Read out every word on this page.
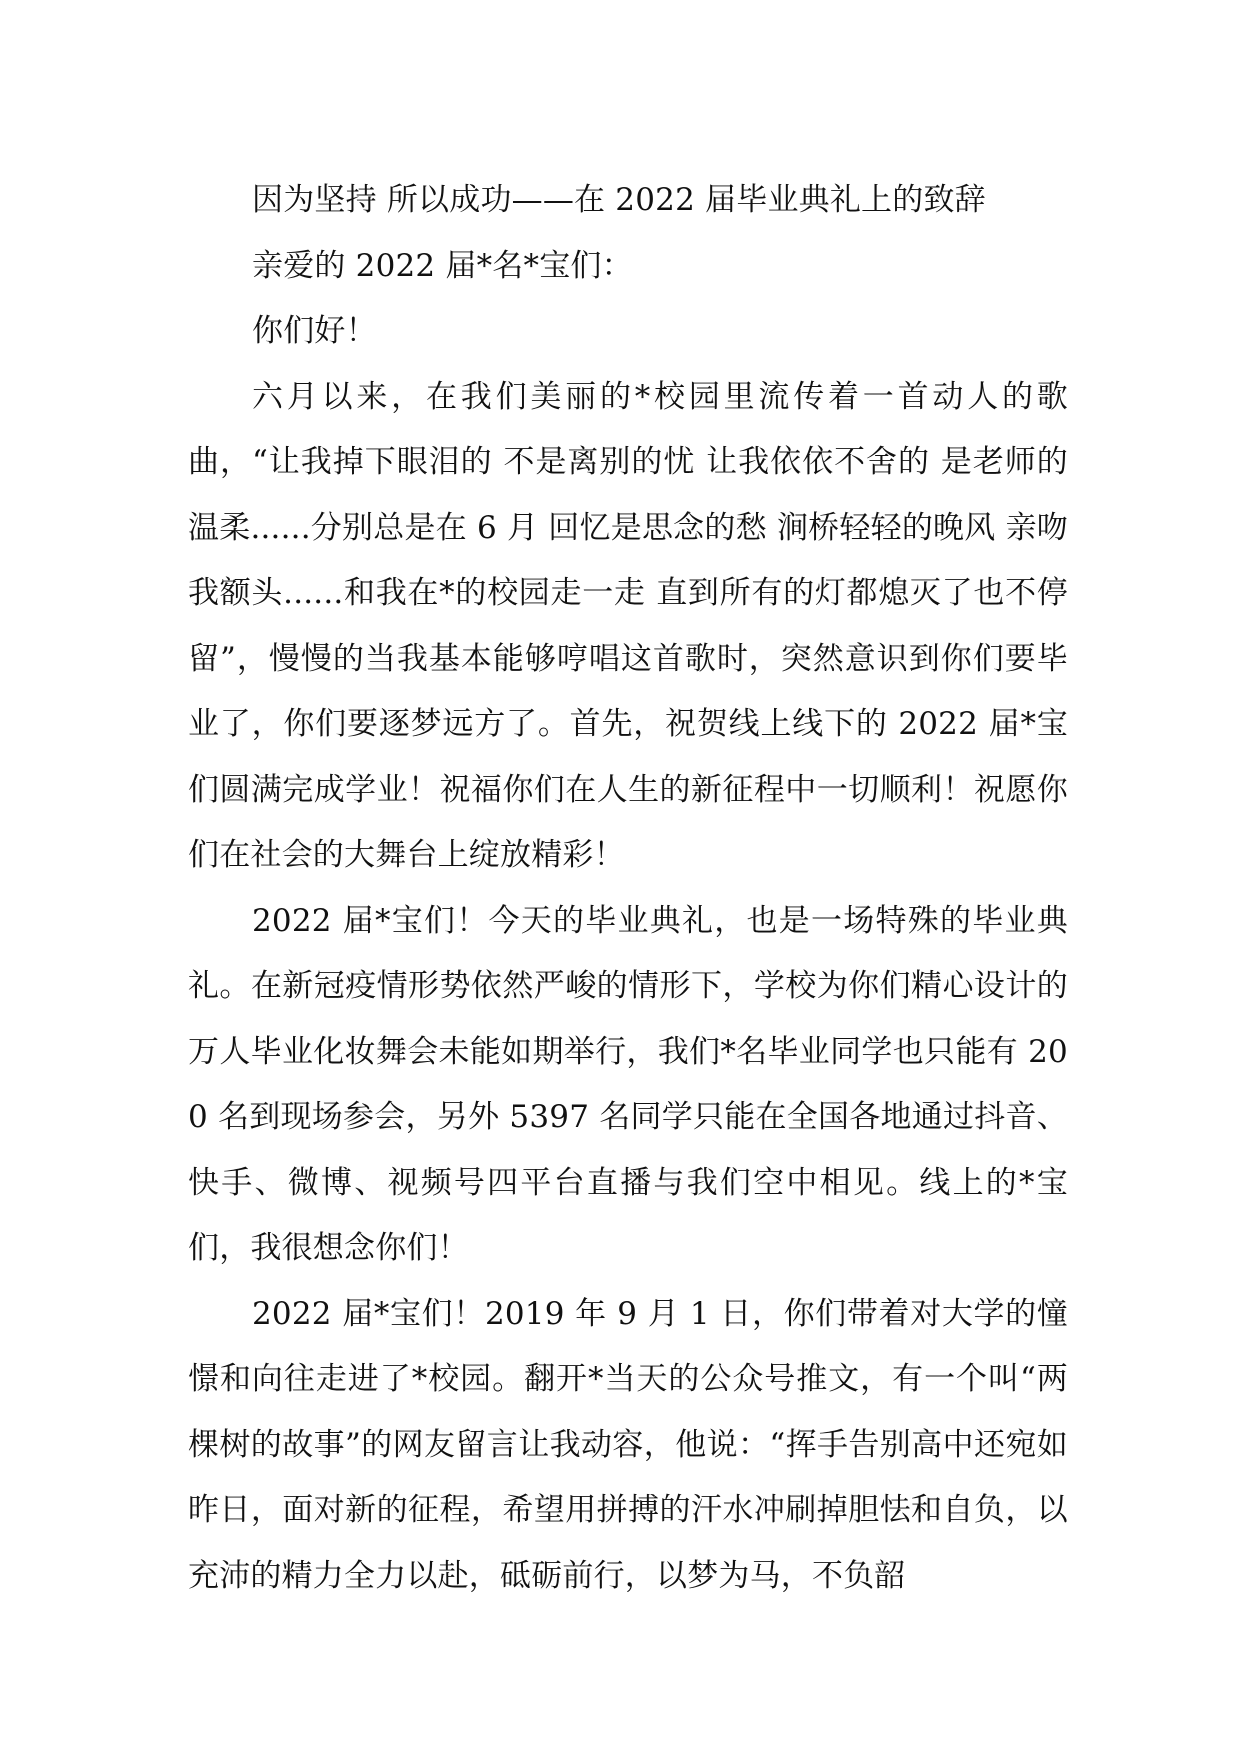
因为坚持 所以成功——在 2022 届毕业典礼上的致辞

亲爱的 2022 届*名*宝们：

你们好！

六月以来，在我们美丽的*校园里流传着一首动人的歌曲，“让我掉下眼泪的 不是离别的忧 让我依依不舍的 是老师的温柔......分别总是在 6 月 回忆是思念的愁 涧桥轻轻的晚风 亲吻我额头......和我在*的校园走一走 直到所有的灯都熄灭了也不停留”，慢慢的当我基本能够哼唱这首歌时，突然意识到你们要毕业了，你们要逐梦远方了。首先，祝贺线上线下的 2022 届*宝们圆满完成学业！祝福你们在人生的新征程中一切顺利！祝愿你们在社会的大舞台上绽放精彩！

2022 届*宝们！今天的毕业典礼，也是一场特殊的毕业典礼。在新冠疫情形势依然严峻的情形下，学校为你们精心设计的万人毕业化妆舞会未能如期举行，我们*名毕业同学也只能有 200 名到现场参会，另外 5397 名同学只能在全国各地通过抖音、快手、微博、视频号四平台直播与我们空中相见。线上的*宝们，我很想念你们！

2022 届*宝们！2019 年 9 月 1 日，你们带着对大学的憧憬和向往走进了*校园。翻开*当天的公众号推文，有一个叫“两棵树的故事”的网友留言让我动容，他说：“挥手告别高中还宛如昨日，面对新的征程，希望用拼搏的汗水冲刷掉胆怯和自负，以充沛的精力全力以赴，砥砺前行，以梦为马，不负韶
